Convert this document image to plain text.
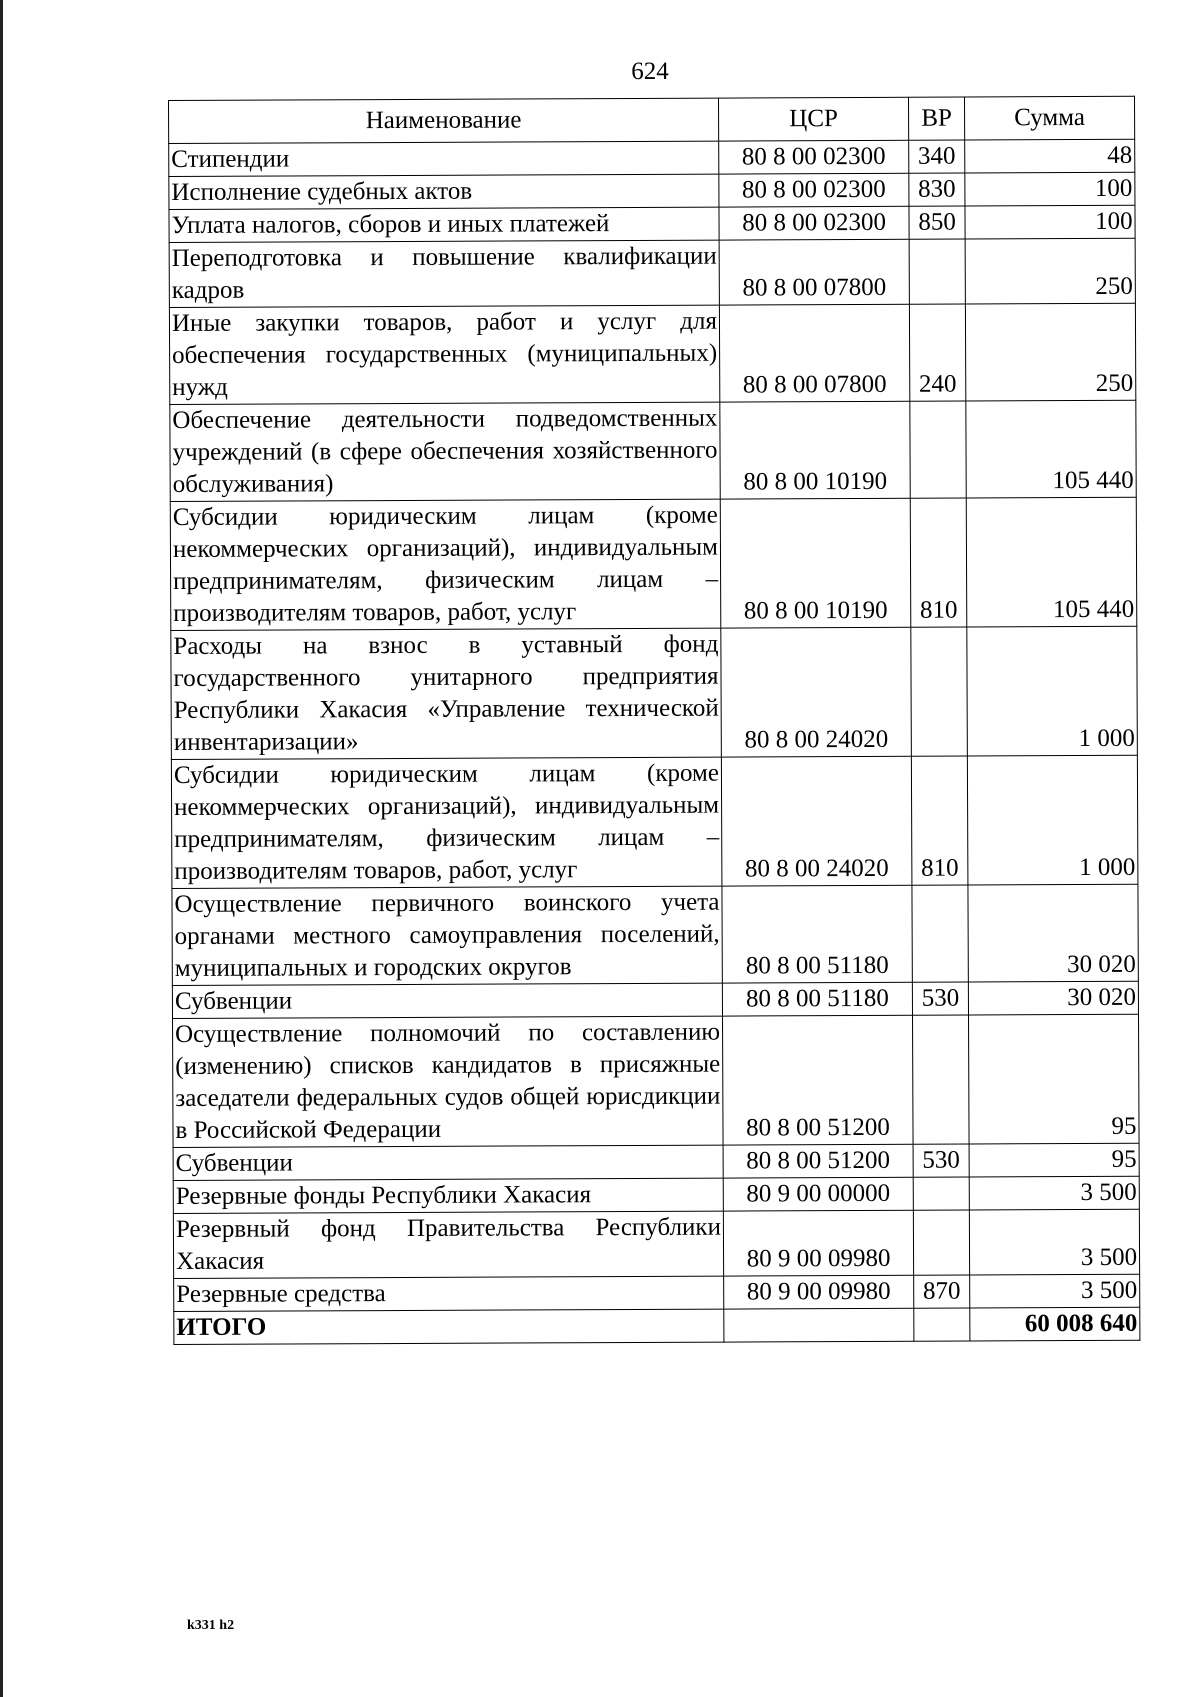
624
Наименование	ЦСР	ВР	Сумма
Стипендии	80 8 00 02300	340	48
Исполнение судебных актов	80 8 00 02300	830	100
Уплата налогов, сборов и иных платежей	80 8 00 02300	850	100
Переподготовка и повышение квалификации кадров	80 8 00 07800		250
Иные закупки товаров, работ и услуг для обеспечения государственных (муниципальных) нужд	80 8 00 07800	240	250
Обеспечение деятельности подведомственных учреждений (в сфере обеспечения хозяйственного обслуживания)	80 8 00 10190		105 440
Субсидии юридическим лицам (кроме некоммерческих организаций), индивидуальным предпринимателям, физическим лицам – производителям товаров, работ, услуг	80 8 00 10190	810	105 440
Расходы на взнос в уставный фонд государственного унитарного предприятия Республики Хакасия «Управление технической инвентаризации»	80 8 00 24020		1 000
Субсидии юридическим лицам (кроме некоммерческих организаций), индивидуальным предпринимателям, физическим лицам – производителям товаров, работ, услуг	80 8 00 24020	810	1 000
Осуществление первичного воинского учета органами местного самоуправления поселений, муниципальных и городских округов	80 8 00 51180		30 020
Субвенции	80 8 00 51180	530	30 020
Осуществление полномочий по составлению (изменению) списков кандидатов в присяжные заседатели федеральных судов общей юрисдикции в Российской Федерации	80 8 00 51200		95
Субвенции	80 8 00 51200	530	95
Резервные фонды Республики Хакасия	80 9 00 00000		3 500
Резервный фонд Правительства Республики Хакасия	80 9 00 09980		3 500
Резервные средства	80 9 00 09980	870	3 500
ИТОГО			60 008 640
k331 h2
